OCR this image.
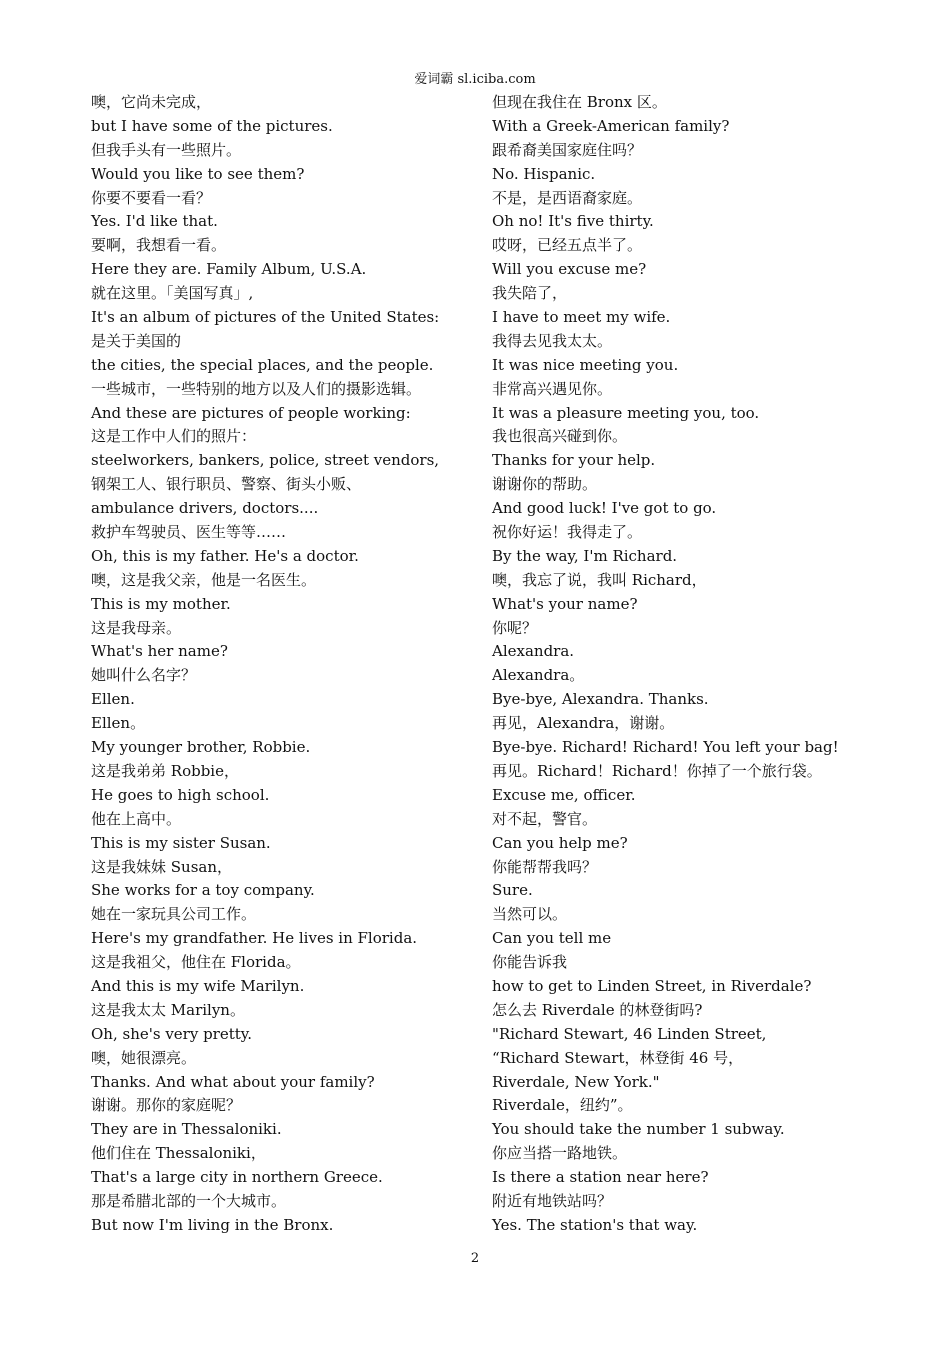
爱词霸 sl.iciba.com
噢，它尚未完成，
but I have some of the pictures.
但我手头有一些照片。
Would you like to see them?
你要不要看一看？
Yes. I'd like that.
要啊，我想看一看。
Here they are. Family Album, U.S.A.
就在这里。「美国写真」,
It's an album of pictures of the United States:
是关于美国的
the cities, the special places, and the people.
一些城市，一些特别的地方以及人们的摄影选辑。
And these are pictures of people working:
这是工作中人们的照片：
steelworkers, bankers, police, street vendors,
钢架工人、银行职员、警察、街头小贩、
ambulance drivers, doctors....
救护车驾驶员、医生等等……
Oh, this is my father. He's a doctor.
噢，这是我父亲，他是一名医生。
This is my mother.
这是我母亲。
What's her name?
她叫什么名字？
Ellen.
Ellen。
My younger brother, Robbie.
这是我弟弟 Robbie，
He goes to high school.
他在上高中。
This is my sister Susan.
这是我妹妹 Susan，
She works for a toy company.
她在一家玩具公司工作。
Here's my grandfather. He lives in Florida.
这是我祖父，他住在 Florida。
And this is my wife Marilyn.
这是我太太 Marilyn。
Oh, she's very pretty.
噢，她很漂亮。
Thanks. And what about your family?
谢谢。那你的家庭呢？
They are in Thessaloniki.
他们住在 Thessaloniki，
That's a large city in northern Greece.
那是希腊北部的一个大城市。
But now I'm living in the Bronx.
但现在我住在 Bronx 区。
With a Greek-American family?
跟希裔美国家庭住吗？
No. Hispanic.
不是，是西语裔家庭。
Oh no! It's five thirty.
哎呀，已经五点半了。
Will you excuse me?
我失陪了，
I have to meet my wife.
我得去见我太太。
It was nice meeting you.
非常高兴遇见你。
It was a pleasure meeting you, too.
我也很高兴碰到你。
Thanks for your help.
谢谢你的帮助。
And good luck! I've got to go.
祝你好运！我得走了。
By the way, I'm Richard.
噢，我忘了说，我叫 Richard，
What's your name?
你呢？
Alexandra.
Alexandra。
Bye-bye, Alexandra. Thanks.
再见，Alexandra，谢谢。
Bye-bye. Richard! Richard! You left your bag!
再见。Richard！Richard！你掉了一个旅行袋。
Excuse me, officer.
对不起，警官。
Can you help me?
你能帮帮我吗？
Sure.
当然可以。
Can you tell me
你能告诉我
how to get to Linden Street, in Riverdale?
怎么去 Riverdale 的林登街吗?
"Richard Stewart, 46 Linden Street,
“Richard Stewart，林登街 46 号，
Riverdale, New York."
Riverdale，纽约”。
You should take the number 1 subway.
你应当搭一路地铁。
Is there a station near here?
附近有地铁站吗？
Yes. The station's that way.
2
